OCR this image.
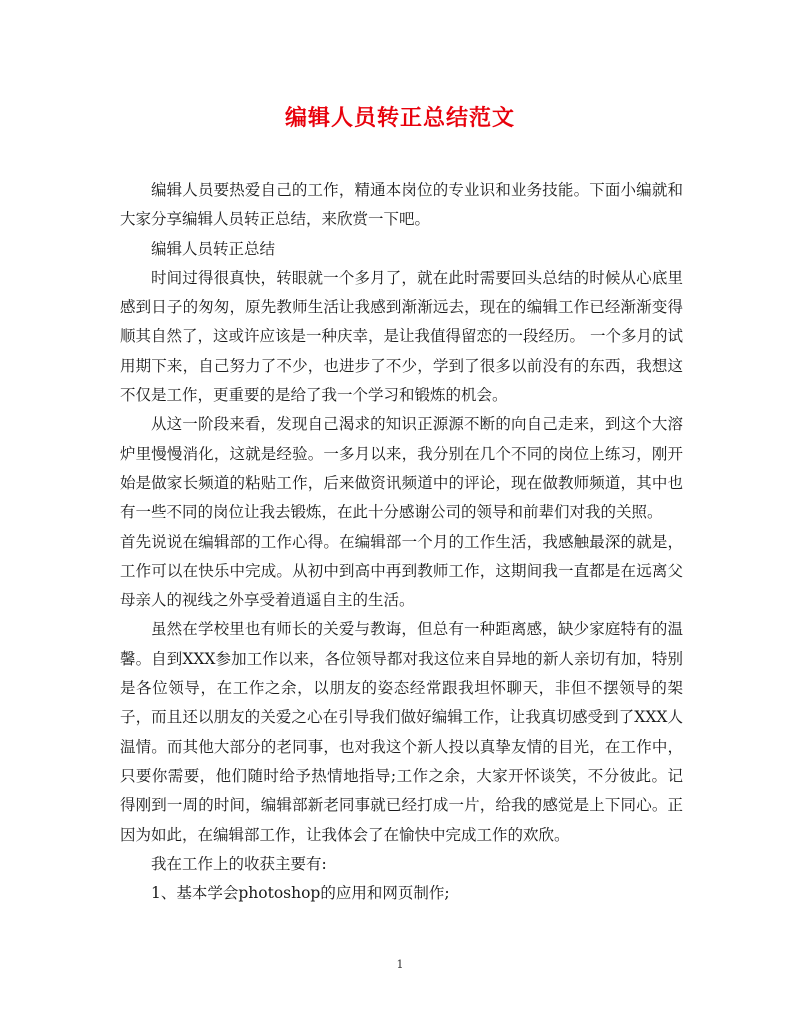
编辑人员转正总结范文

编辑人员要热爱自己的工作，精通本岗位的专业识和业务技能。下面小编就和大家分享编辑人员转正总结，来欣赏一下吧。

编辑人员转正总结

时间过得很真快，转眼就一个多月了，就在此时需要回头总结的时候从心底里感到日子的匆匆，原先教师生活让我感到渐渐远去，现在的编辑工作已经渐渐变得顺其自然了，这或许应该是一种庆幸，是让我值得留恋的一段经历。 一个多月的试用期下来，自己努力了不少，也进步了不少，学到了很多以前没有的东西，我想这不仅是工作，更重要的是给了我一个学习和锻炼的机会。

从这一阶段来看，发现自己渴求的知识正源源不断的向自己走来，到这个大溶炉里慢慢消化，这就是经验。一多月以来，我分别在几个不同的岗位上练习，刚开始是做家长频道的粘贴工作，后来做资讯频道中的评论，现在做教师频道，其中也有一些不同的岗位让我去锻炼，在此十分感谢公司的领导和前辈们对我的关照。

首先说说在编辑部的工作心得。在编辑部一个月的工作生活，我感触最深的就是，工作可以在快乐中完成。从初中到高中再到教师工作，这期间我一直都是在远离父母亲人的视线之外享受着逍遥自主的生活。

虽然在学校里也有师长的关爱与教诲，但总有一种距离感，缺少家庭特有的温馨。自到XXX参加工作以来，各位领导都对我这位来自异地的新人亲切有加，特别是各位领导，在工作之余，以朋友的姿态经常跟我坦怀聊天，非但不摆领导的架子，而且还以朋友的关爱之心在引导我们做好编辑工作，让我真切感受到了XXX人温情。而其他大部分的老同事，也对我这个新人投以真挚友情的目光，在工作中，只要你需要，他们随时给予热情地指导;工作之余，大家开怀谈笑，不分彼此。记得刚到一周的时间，编辑部新老同事就已经打成一片，给我的感觉是上下同心。正因为如此，在编辑部工作，让我体会了在愉快中完成工作的欢欣。

我在工作上的收获主要有:

1、基本学会photoshop的应用和网页制作;

1
